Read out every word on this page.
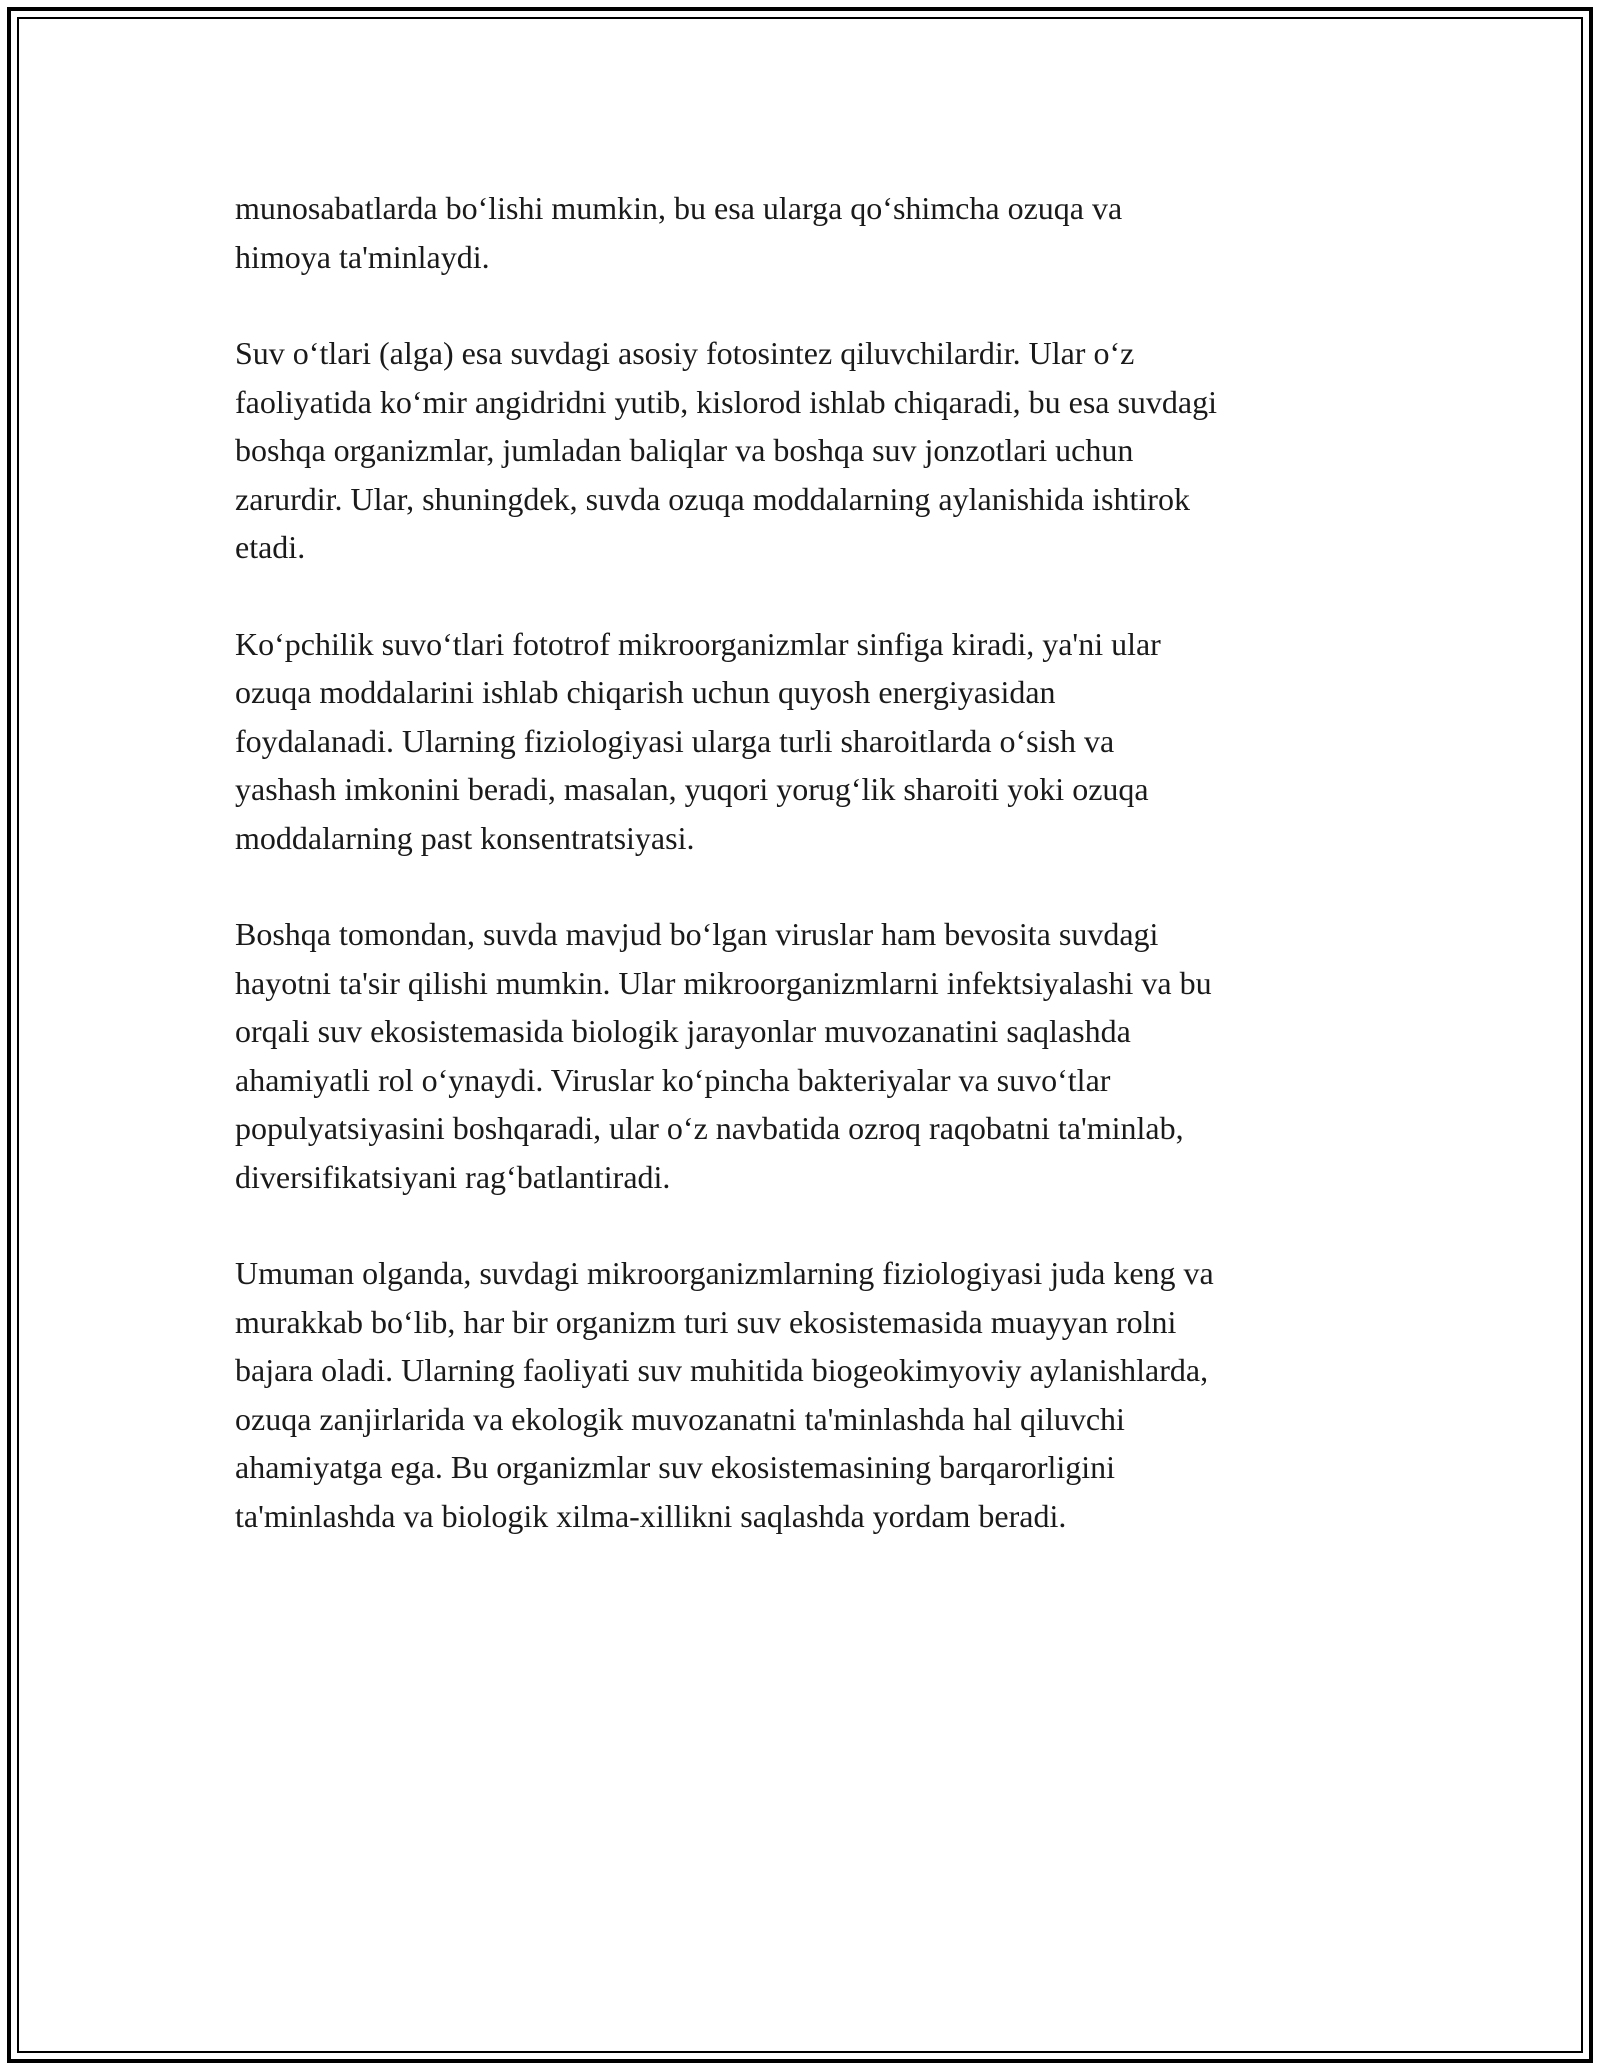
munosabatlarda bo‘lishi mumkin, bu esa ularga qo‘shimcha ozuqa va
himoya ta'minlaydi.

Suv o‘tlari (alga) esa suvdagi asosiy fotosintez qiluvchilardir. Ular o‘z
faoliyatida ko‘mir angidridni yutib, kislorod ishlab chiqaradi, bu esa suvdagi
boshqa organizmlar, jumladan baliqlar va boshqa suv jonzotlari uchun
zarurdir. Ular, shuningdek, suvda ozuqa moddalarning aylanishida ishtirok
etadi.

Ko‘pchilik suvo‘tlari fototrof mikroorganizmlar sinfiga kiradi, ya'ni ular
ozuqa moddalarini ishlab chiqarish uchun quyosh energiyasidan
foydalanadi. Ularning fiziologiyasi ularga turli sharoitlarda o‘sish va
yashash imkonini beradi, masalan, yuqori yorug‘lik sharoiti yoki ozuqa
moddalarning past konsentratsiyasi.

Boshqa tomondan, suvda mavjud bo‘lgan viruslar ham bevosita suvdagi
hayotni ta'sir qilishi mumkin. Ular mikroorganizmlarni infektsiyalashi va bu
orqali suv ekosistemasida biologik jarayonlar muvozanatini saqlashda
ahamiyatli rol o‘ynaydi. Viruslar ko‘pincha bakteriyalar va suvo‘tlar
populyatsiyasini boshqaradi, ular o‘z navbatida ozroq raqobatni ta'minlab,
diversifikatsiyani rag‘batlantiradi.

Umuman olganda, suvdagi mikroorganizmlarning fiziologiyasi juda keng va
murakkab bo‘lib, har bir organizm turi suv ekosistemasida muayyan rolni
bajara oladi. Ularning faoliyati suv muhitida biogeokimyoviy aylanishlarda,
ozuqa zanjirlarida va ekologik muvozanatni ta'minlashda hal qiluvchi
ahamiyatga ega. Bu organizmlar suv ekosistemasining barqarorligini
ta'minlashda va biologik xilma-xillikni saqlashda yordam beradi.
